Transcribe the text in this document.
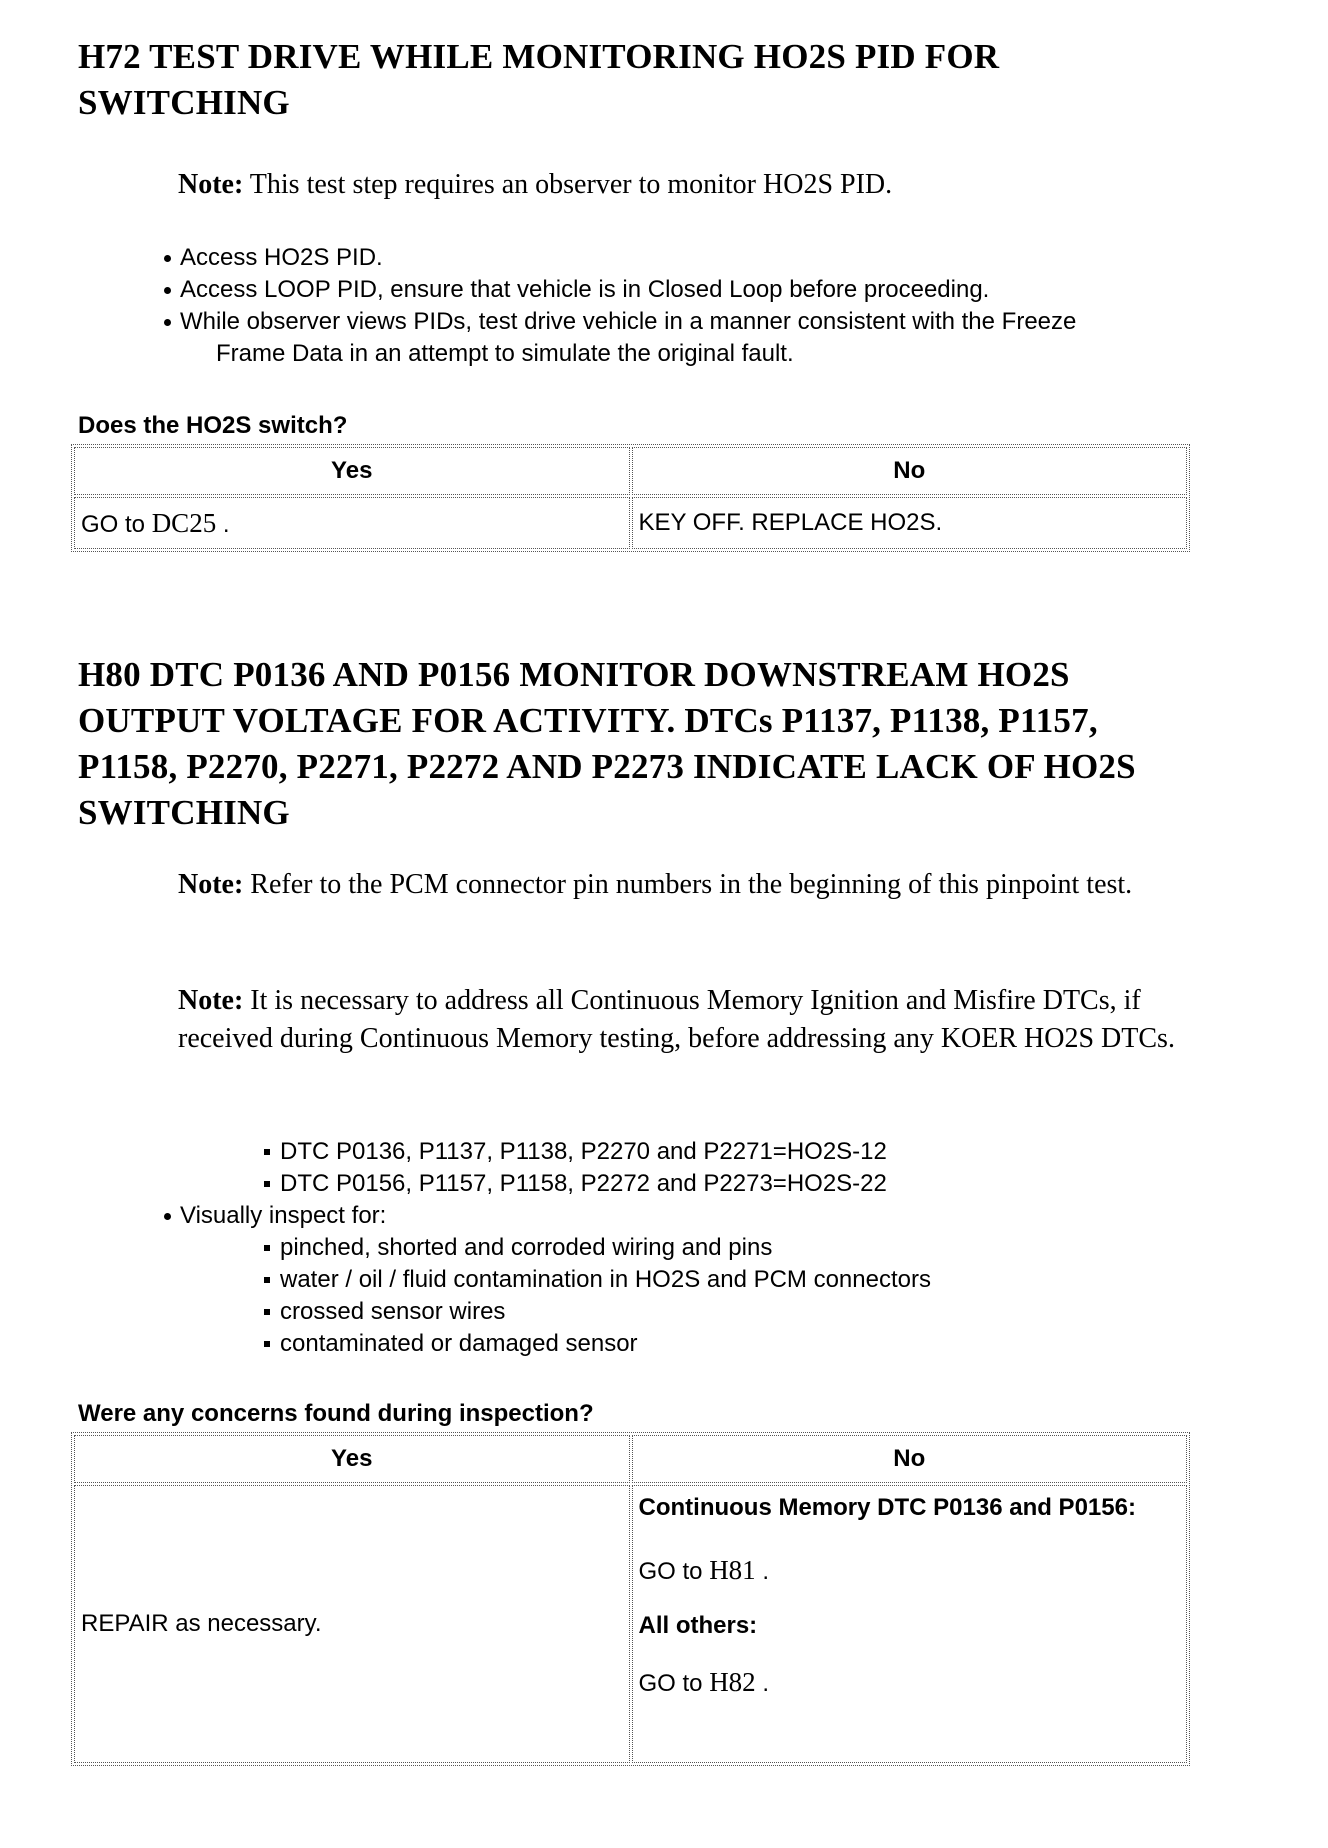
H72 TEST DRIVE WHILE MONITORING HO2S PID FOR
SWITCHING

Note: This test step requires an observer to monitor HO2S PID.

Access HO2S PID.
Access LOOP PID, ensure that vehicle is in Closed Loop before proceeding.
While observer views PIDs, test drive vehicle in a manner consistent with the Freeze
Frame Data in an attempt to simulate the original fault.

Does the HO2S switch?

Yes	No
GO to DC25 .	KEY OFF. REPLACE HO2S.
H80 DTC P0136 AND P0156 MONITOR DOWNSTREAM HO2S
OUTPUT VOLTAGE FOR ACTIVITY. DTCs P1137, P1138, P1157,
P1158, P2270, P2271, P2272 AND P2273 INDICATE LACK OF HO2S
SWITCHING

Note: Refer to the PCM connector pin numbers in the beginning of this pinpoint test.

Note: It is necessary to address all Continuous Memory Ignition and Misfire DTCs, if received during Continuous Memory testing, before addressing any KOER HO2S DTCs.

DTC P0136, P1137, P1138, P2270 and P2271=HO2S-12
DTC P0156, P1157, P1158, P2272 and P2273=HO2S-22
Visually inspect for:
pinched, shorted and corroded wiring and pins
water / oil / fluid contamination in HO2S and PCM connectors
crossed sensor wires
contaminated or damaged sensor

Were any concerns found during inspection?

Yes	No
REPAIR as necessary.	Continuous Memory DTC P0136 and P0156:
GO to H81 .
All others:
GO to H82 .
